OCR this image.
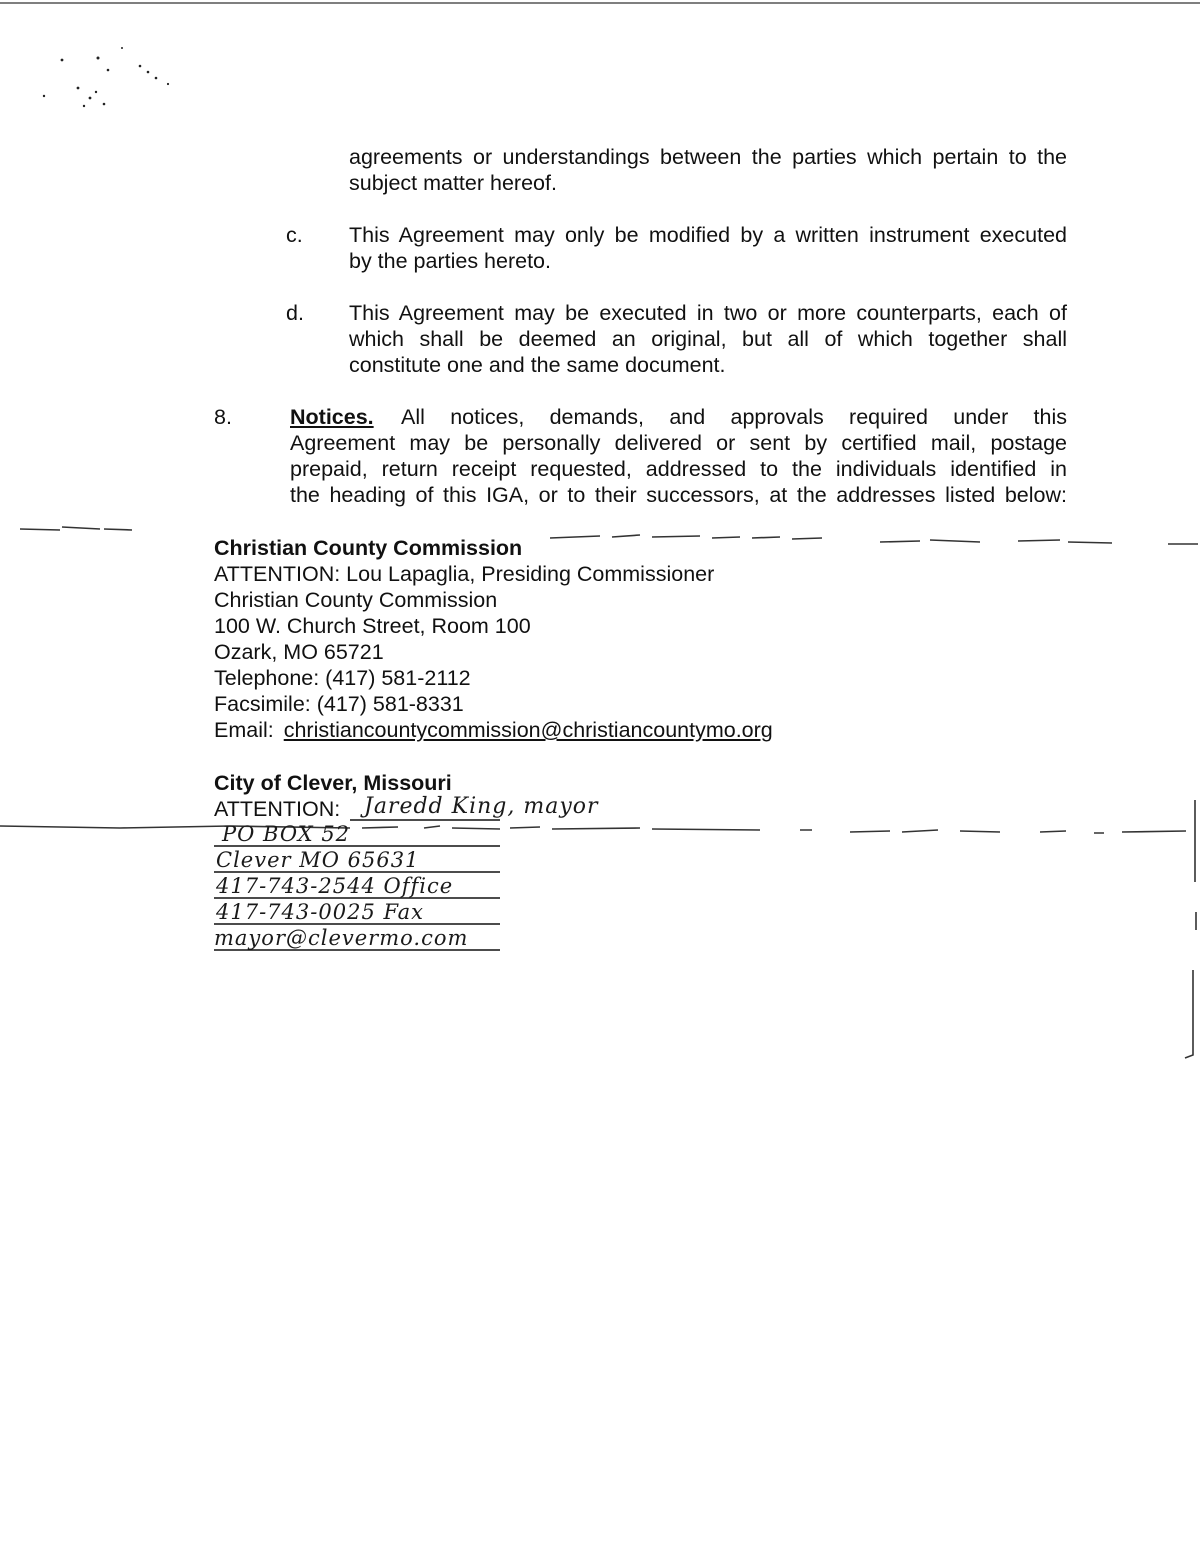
agreements or understandings between the parties which pertain to the
subject matter hereof.
c. This Agreement may only be modified by a written instrument executed
by the parties hereto.
d. This Agreement may be executed in two or more counterparts, each of
which shall be deemed an original, but all of which together shall
constitute one and the same document.
8.	Notices. All notices, demands, and approvals required under this
Agreement may be personally delivered or sent by certified mail, postage
prepaid, return receipt requested, addressed to the individuals identified in
the heading of this IGA, or to their successors, at the addresses listed below:
Christian County Commission
ATTENTION: Lou Lapaglia, Presiding Commissioner
Christian County Commission
100 W. Church Street, Room 100
Ozark, MO 65721
Telephone: (417) 581-2112
Facsimile: (417) 581-8331
Email: christiancountycommission@christiancountymo.org
City of Clever, Missouri
ATTENTION:	Jaredd King, mayor
PO BOX 52
Clever MO 65631
417-743-2544 Office
417-743-0025 Fax
mayor@clevermo.com
